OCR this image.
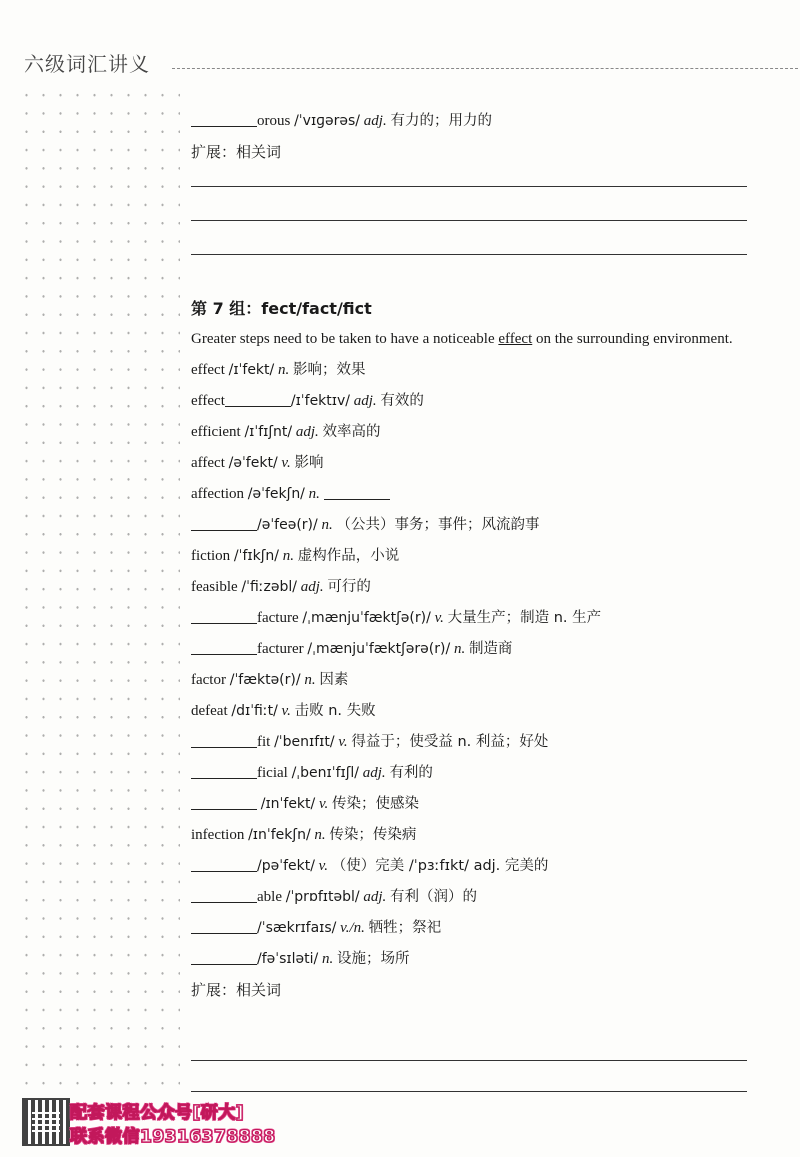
六级词汇讲义
orous /ˈvɪɡərəs/ adj. 有力的；用力的
扩展：相关词
第 7 组：fect/fact/fict
Greater steps need to be taken to have a noticeable effect on the surrounding environment.
effect /ɪˈfekt/ n. 影响；效果
effect	/ɪˈfektɪv/ adj. 有效的
efficient /ɪˈfɪʃnt/ adj. 效率高的
affect /əˈfekt/ v. 影响
affection /əˈfekʃn/ n.
/əˈfeə(r)/ n. （公共）事务；事件；风流韵事
fiction /ˈfɪkʃn/ n. 虚构作品，小说
feasible /ˈfiːzəbl/ adj. 可行的
facture /ˌmænjuˈfæktʃə(r)/ v. 大量生产；制造 n. 生产
facturer /ˌmænjuˈfæktʃərə(r)/ n. 制造商
factor /ˈfæktə(r)/ n. 因素
defeat /dɪˈfiːt/ v. 击败 n. 失败
fit /ˈbenɪfɪt/ v. 得益于；使受益 n. 利益；好处
ficial /ˌbenɪˈfɪʃl/ adj. 有利的
/ɪnˈfekt/ v. 传染；使感染
infection /ɪnˈfekʃn/ n. 传染；传染病
/pəˈfekt/ v. （使）完美 /ˈpɜːfɪkt/ adj. 完美的
able /ˈprɒfɪtəbl/ adj. 有利（润）的
/ˈsækrɪfaɪs/ v./n. 牺牲；祭祀
/fəˈsɪləti/ n. 设施；场所
扩展：相关词
配套课程公众号[研大]
联系微信19316378888
